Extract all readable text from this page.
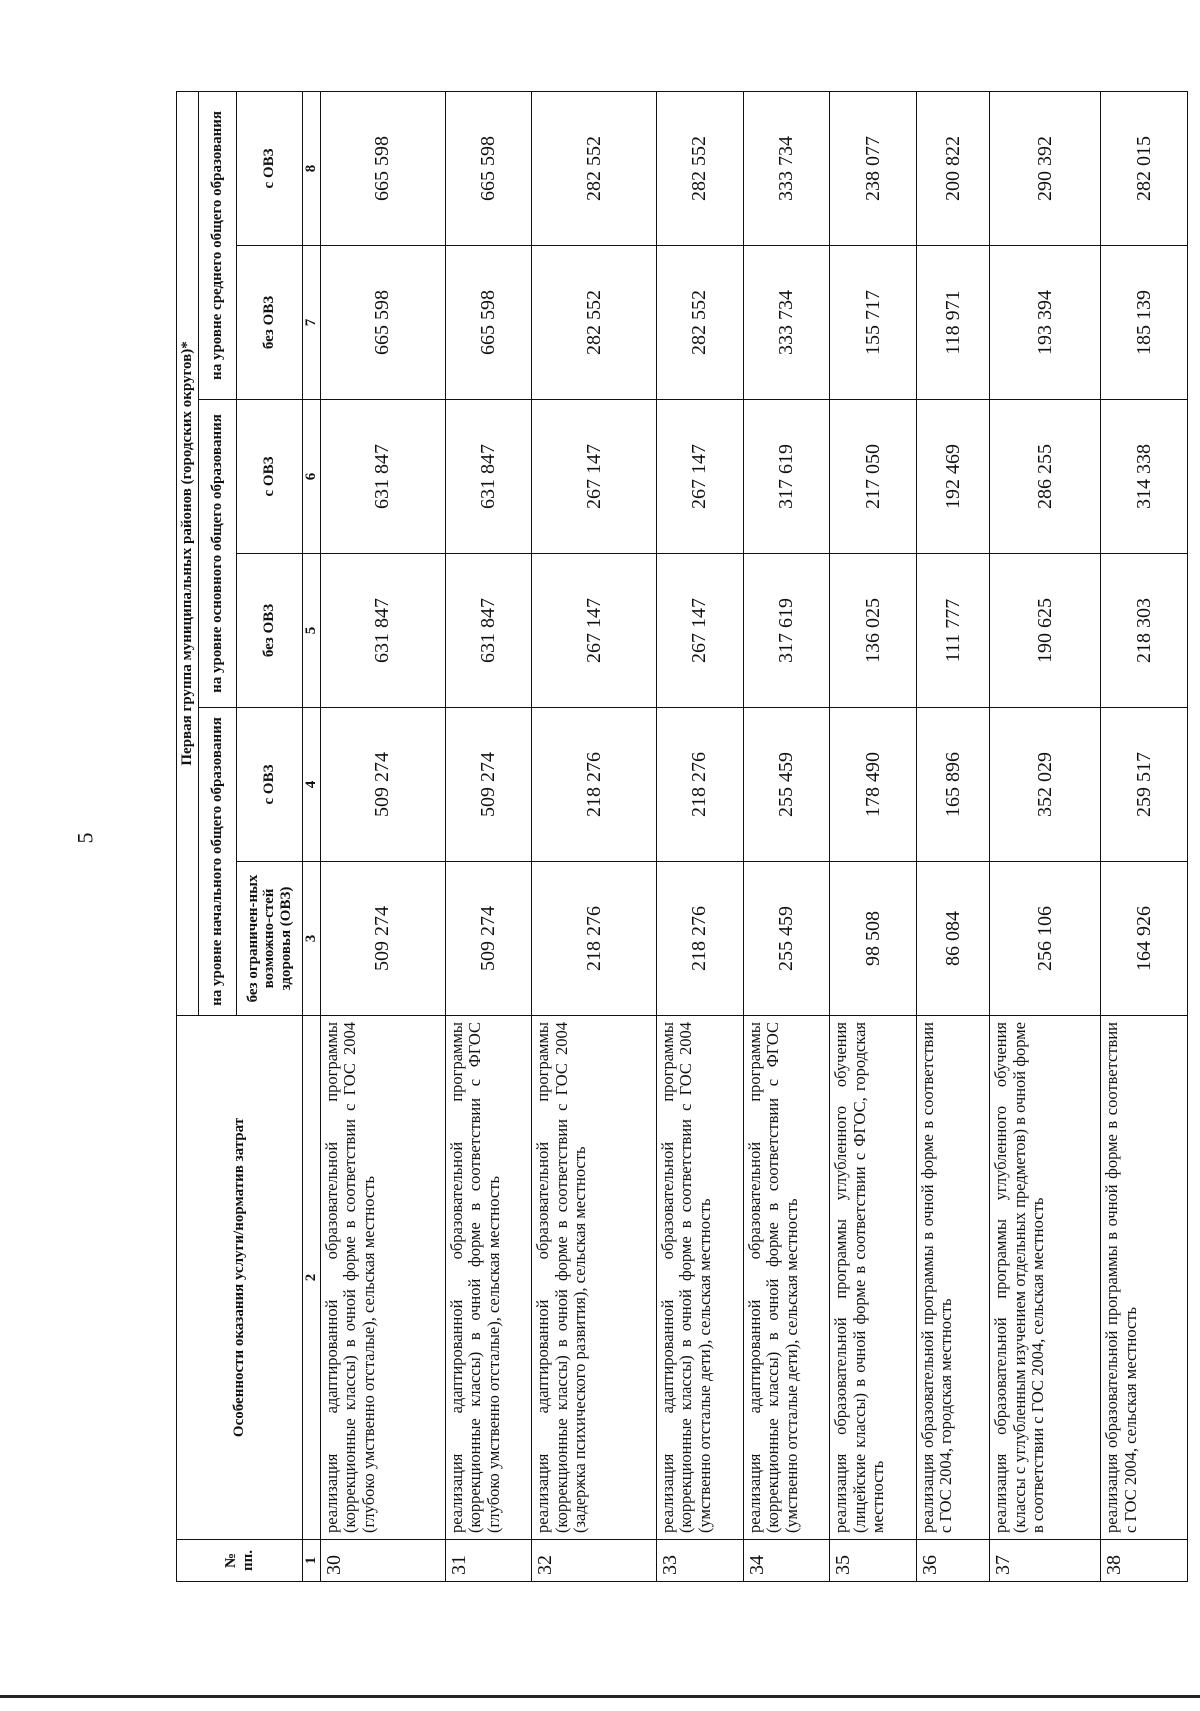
5
№ пп.	Особенности оказания услуги/норматив затрат	Первая группа муниципальных районов (городских округов)*					
		на уровне начального общего образования		на уровне основного общего образования		на уровне среднего общего образования	
		без ограничен-ных возможно-стей здоровья (ОВЗ)	с ОВЗ	без ОВЗ	с ОВЗ	без ОВЗ	с ОВЗ
1	2	3	4	5	6	7	8
30	реализация адаптированной образовательной программы (коррекционные классы) в очной форме в соответствии с ГОС 2004 (глубоко умственно отсталые), сельская местность	509 274	509 274	631 847	631 847	665 598	665 598
31	реализация адаптированной образовательной программы (коррекционные классы) в очной форме в соответствии с ФГОС (глубоко умственно отсталые), сельская местность	509 274	509 274	631 847	631 847	665 598	665 598
32	реализация адаптированной образовательной программы (коррекционные классы) в очной форме в соответствии с ГОС 2004 (задержка психического развития), сельская местность	218 276	218 276	267 147	267 147	282 552	282 552
33	реализация адаптированной образовательной программы (коррекционные классы) в очной форме в соответствии с ГОС 2004 (умственно отсталые дети), сельская местность	218 276	218 276	267 147	267 147	282 552	282 552
34	реализация адаптированной образовательной программы (коррекционные классы) в очной форме в соответствии с ФГОС (умственно отсталые дети), сельская местность	255 459	255 459	317 619	317 619	333 734	333 734
35	реализация образовательной программы углубленного обучения (лицейские классы) в очной форме в соответствии с ФГОС, городская местность	98 508	178 490	136 025	217 050	155 717	238 077
36	реализация образовательной программы в очной форме в соответствии с ГОС 2004, городская местность	86 084	165 896	111 777	192 469	118 971	200 822
37	реализация образовательной программы углубленного обучения (классы с углубленным изучением отдельных предметов) в очной форме в соответствии с ГОС 2004, сельская местность	256 106	352 029	190 625	286 255	193 394	290 392
38	реализация образовательной программы в очной форме в соответствии с ГОС 2004, сельская местность	164 926	259 517	218 303	314 338	185 139	282 015
